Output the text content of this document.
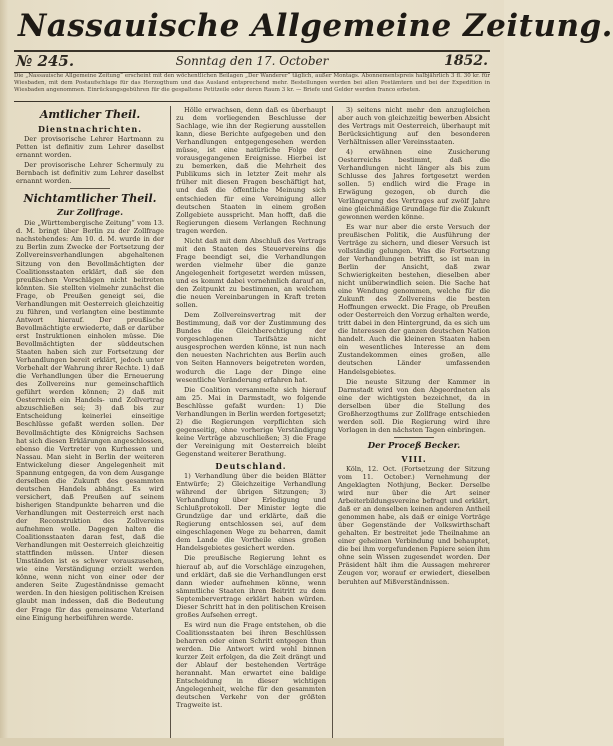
Nassauische Allgemeine Zeitung.
№ 245.	Sonntag den 17. October	1852.
Die „Nassauische Allgemeine Zeitung“ erscheint mit den wöchentlichen Beilagen „Der Wanderer“ täglich, außer Montags. Abonnementspreis halbjährlich 3 fl. 30 kr. für Wiesbaden, mit dem Postaufschlage für das Herzogthum und das Ausland entsprechend mehr. Bestellungen werden bei allen Postämtern und bei der Expedition in Wiesbaden angenommen. Einrückungsgebühren für die gespaltene Petitzeile oder deren Raum 3 kr. — Briefe und Gelder werden franco erbeten.
Amtlicher Theil.
Dienstnachrichten.

Der provisorische Lehrer Hartmann zu Petten ist definitiv zum Lehrer daselbst ernannt worden.

Der provisorische Lehrer Schermuly zu Bernbach ist definitiv zum Lehrer daselbst ernannt worden.

Nichtamtlicher Theil.
Zur Zollfrage.

Die „Württembergische Zeitung“ vom 13. d. M. bringt über Berlin zu der Zollfrage nachstehendes: Am 10. d. M. wurde in der zu Berlin zum Zwecke der Fortsetzung der Zollvereinsverhandlungen abgehaltenen Sitzung von den Bevollmächtigten der Coalitionsstaaten erklärt, daß sie den preußischen Vorschlägen nicht beitreten könnten. Sie stellten vielmehr zunächst die Frage, ob Preußen geneigt sei, die Verhandlungen mit Oesterreich gleichzeitig zu führen, und verlangten eine bestimmte Antwort hierauf. Der preußische Bevollmächtigte erwiederte, daß er darüber erst Instruktionen einholen müsse. Die Bevollmächtigten der süddeutschen Staaten haben sich zur Fortsetzung der Verhandlungen bereit erklärt, jedoch unter Vorbehalt der Wahrung ihrer Rechte. 1) daß die Verhandlungen über die Erneuerung des Zollvereins nur gemeinschaftlich geführt werden können; 2) daß mit Oesterreich ein Handels- und Zollvertrag abzuschließen sei; 3) daß bis zur Entscheidung keinerlei einseitige Beschlüsse gefaßt werden sollen. Der Bevollmächtigte des Königreichs Sachsen hat sich diesen Erklärungen angeschlossen, ebenso die Vertreter von Kurhessen und Nassau. Man sieht in Berlin der weiteren Entwickelung dieser Angelegenheit mit Spannung entgegen, da von dem Ausgange derselben die Zukunft des gesammten deutschen Handels abhängt. Es wird versichert, daß Preußen auf seinem bisherigen Standpunkte beharren und die Verhandlungen mit Oesterreich erst nach der Reconstruktion des Zollvereins aufnehmen wolle. Dagegen halten die Coalitionsstaaten daran fest, daß die Verhandlungen mit Oesterreich gleichzeitig stattfinden müssen. Unter diesen Umständen ist es schwer vorauszusehen, wie eine Verständigung erzielt werden könne, wenn nicht von einer oder der anderen Seite Zugeständnisse gemacht werden. In den hiesigen politischen Kreisen glaubt man indessen, daß die Bedeutung der Frage für das gemeinsame Vaterland eine Einigung herbeiführen werde.

Hölle erwachsen, denn daß es überhaupt zu dem vorliegenden Beschlusse der Sachlage, wie ihn der Regierung ausstellen kann, diese Berichte aufgegeben und den Verhandlungen entgegengesehen werden müsse, ist eine natürliche Folge der vorausgegangenen Ereignisse. Hierbei ist zu bemerken, daß die Mehrheit des Publikums sich in letzter Zeit mehr als früher mit diesen Fragen beschäftigt hat, und daß die öffentliche Meinung sich entschieden für eine Vereinigung aller deutschen Staaten in einem großen Zollgebiete ausspricht. Man hofft, daß die Regierungen diesem Verlangen Rechnung tragen werden.

Nicht daß mit dem Abschluß des Vertrags mit den Staaten des Steuervereins die Frage beendigt sei, die Verhandlungen werden vielmehr über die ganze Angelegenheit fortgesetzt werden müssen, und es kommt dabei vornehmlich darauf an, den Zeitpunkt zu bestimmen, an welchem die neuen Vereinbarungen in Kraft treten sollen.

Dem Zollvereinsvertrag mit der Bestimmung, daß vor der Zustimmung des Bundes die Gleichberechtigung der vorgeschlagenen Tarifsätze nicht ausgesprochen werden könne, ist nun nach den neuesten Nachrichten aus Berlin auch von Seiten Hannovers beigetreten worden, wodurch die Lage der Dinge eine wesentliche Veränderung erfahren hat.

Die Coalition versammelte sich hierauf am 25. Mai in Darmstadt, wo folgende Beschlüsse gefaßt wurden: 1) Die Verhandlungen in Berlin werden fortgesetzt; 2) die Regierungen verpflichten sich gegenseitig, ohne vorherige Verständigung keine Verträge abzuschließen; 3) die Frage der Vereinigung mit Oesterreich bleibt Gegenstand weiterer Berathung.

Deutschland.

1) Verhandlung über die beiden Blätter Entwürfe; 2) Gleichzeitige Verhandlung während der übrigen Sitzungen; 3) Verhandlung über Erledigung und Schlußprotokoll. Der Minister legte die Grundzüge dar und erklärte, daß die Regierung entschlossen sei, auf dem eingeschlagenen Wege zu beharren, damit dem Lande die Vortheile eines großen Handelsgebietes gesichert werden.

Die preußische Regierung lehnt es hierauf ab, auf die Vorschläge einzugehen, und erklärt, daß sie die Verhandlungen erst dann wieder aufnehmen könne, wenn sämmtliche Staaten ihren Beitritt zu dem Septembervertrage erklärt haben würden. Dieser Schritt hat in den politischen Kreisen großes Aufsehen erregt.

Es wird nun die Frage entstehen, ob die Coalitionsstaaten bei ihren Beschlüssen beharren oder einen Schritt entgegen thun werden. Die Antwort wird wohl binnen kurzer Zeit erfolgen, da die Zeit drängt und der Ablauf der bestehenden Verträge herannaht. Man erwartet eine baldige Entscheidung in dieser wichtigen Angelegenheit, welche für den gesammten deutschen Verkehr von der größten Tragweite ist.

3) seitens nicht mehr den anzugleichen aber auch von gleichzeitig bewerben Absicht des Vertrags mit Oesterreich, überhaupt mit Berücksichtigung auf den besonderen Verhältnissen aller Vereinsstaaten.

4) erwähnen eine Zusicherung Oesterreichs bestimmt, daß die Verhandlungen nicht länger als bis zum Schlusse des Jahres fortgesetzt werden sollen. 5) endlich wird die Frage in Erwägung gezogen, ob durch die Verlängerung des Vertrages auf zwölf Jahre eine gleichmäßige Grundlage für die Zukunft gewonnen werden könne.

Es war nur aber die erste Versuch der preußischen Politik, die Ausführung der Verträge zu sichern, und dieser Versuch ist vollständig gelungen. Was die Fortsetzung der Verhandlungen betrifft, so ist man in Berlin der Ansicht, daß zwar Schwierigkeiten bestehen, dieselben aber nicht unüberwindlich seien. Die Sache hat eine Wendung genommen, welche für die Zukunft des Zollvereins die besten Hoffnungen erweckt. Die Frage, ob Preußen oder Oesterreich den Vorzug erhalten werde, tritt dabei in den Hintergrund, da es sich um die Interessen der ganzen deutschen Nation handelt. Auch die kleineren Staaten haben ein wesentliches Interesse an dem Zustandekommen eines großen, alle deutschen Länder umfassenden Handelsgebietes.

Die neuste Sitzung der Kammer in Darmstadt wird von den Abgeordneten als eine der wichtigsten bezeichnet, da in derselben über die Stellung des Großherzogthums zur Zollfrage entschieden werden soll. Die Regierung wird ihre Vorlagen in den nächsten Tagen einbringen.

Der Proceß Becker.
VIII.

Köln, 12. Oct. (Fortsetzung der Sitzung vom 11. October.) Vernehmung der Angeklagten Nothjung, Becker. Derselbe wird nur über die Art seiner Arbeiterbildungsvereine befragt und erklärt, daß er an denselben keinen anderen Antheil genommen habe, als daß er einige Vorträge über Gegenstände der Volkswirthschaft gehalten. Er bestreitet jede Theilnahme an einer geheimen Verbindung und behauptet, die bei ihm vorgefundenen Papiere seien ihm ohne sein Wissen zugesendet worden. Der Präsident hält ihm die Aussagen mehrerer Zeugen vor, worauf er erwiedert, dieselben beruhten auf Mißverständnissen.
